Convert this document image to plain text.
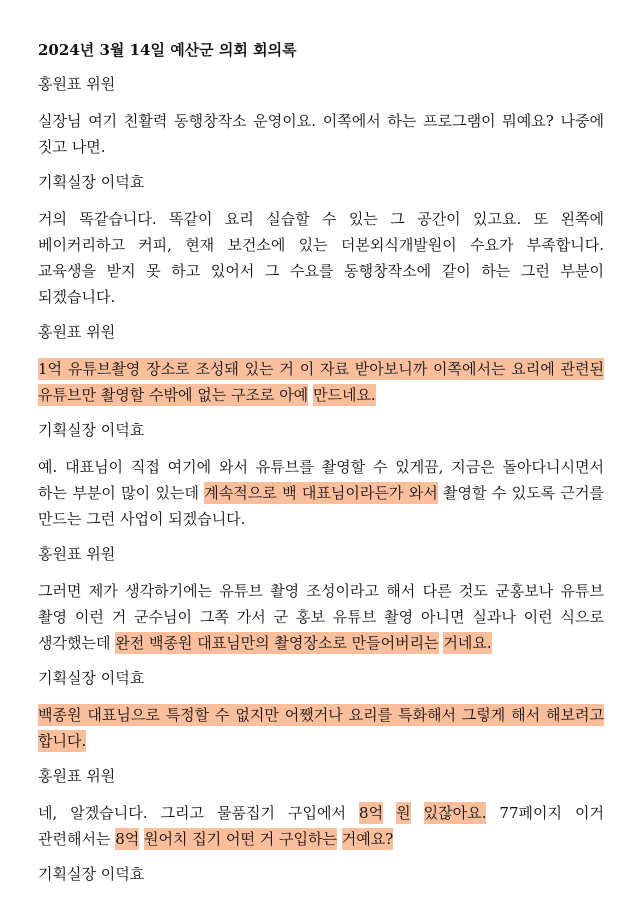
2024년 3월 14일 예산군 의회 회의록
홍원표 위원
실장님 여기 친활력 동행창작소 운영이요. 이쪽에서 하는 프로그램이 뭐예요? 나중에 짓고 나면.
기획실장 이덕효
거의 똑같습니다. 똑같이 요리 실습할 수 있는 그 공간이 있고요. 또 왼쪽에 베이커리하고 커피, 현재 보건소에 있는 더본외식개발원이 수요가 부족합니다. 교육생을 받지 못 하고 있어서 그 수요를 동행창작소에 같이 하는 그런 부분이 되겠습니다.
홍원표 위원
1억 유튜브촬영 장소로 조성돼 있는 거 이 자료 받아보니까 이쪽에서는 요리에 관련된 유튜브만 촬영할 수밖에 없는 구조로 아예 만드네요.
기획실장 이덕효
예. 대표님이 직접 여기에 와서 유튜브를 촬영할 수 있게끔, 지금은 돌아다니시면서 하는 부분이 많이 있는데 계속적으로 백 대표님이라든가 와서 촬영할 수 있도록 근거를 만드는 그런 사업이 되겠습니다.
홍원표 위원
그러면 제가 생각하기에는 유튜브 촬영 조성이라고 해서 다른 것도 군홍보나 유튜브 촬영 이런 거 군수님이 그쪽 가서 군 홍보 유튜브 촬영 아니면 실과나 이런 식으로 생각했는데 완전 백종원 대표님만의 촬영장소로 만들어버리는 거네요.
기획실장 이덕효
백종원 대표님으로 특정할 수 없지만 어쨌거나 요리를 특화해서 그렇게 해서 해보려고 합니다.
홍원표 위원
네, 알겠습니다. 그리고 물품집기 구입에서 8억 원 있잖아요. 77페이지 이거 관련해서는 8억 원어치 집기 어떤 거 구입하는 거예요?
기획실장 이덕효
